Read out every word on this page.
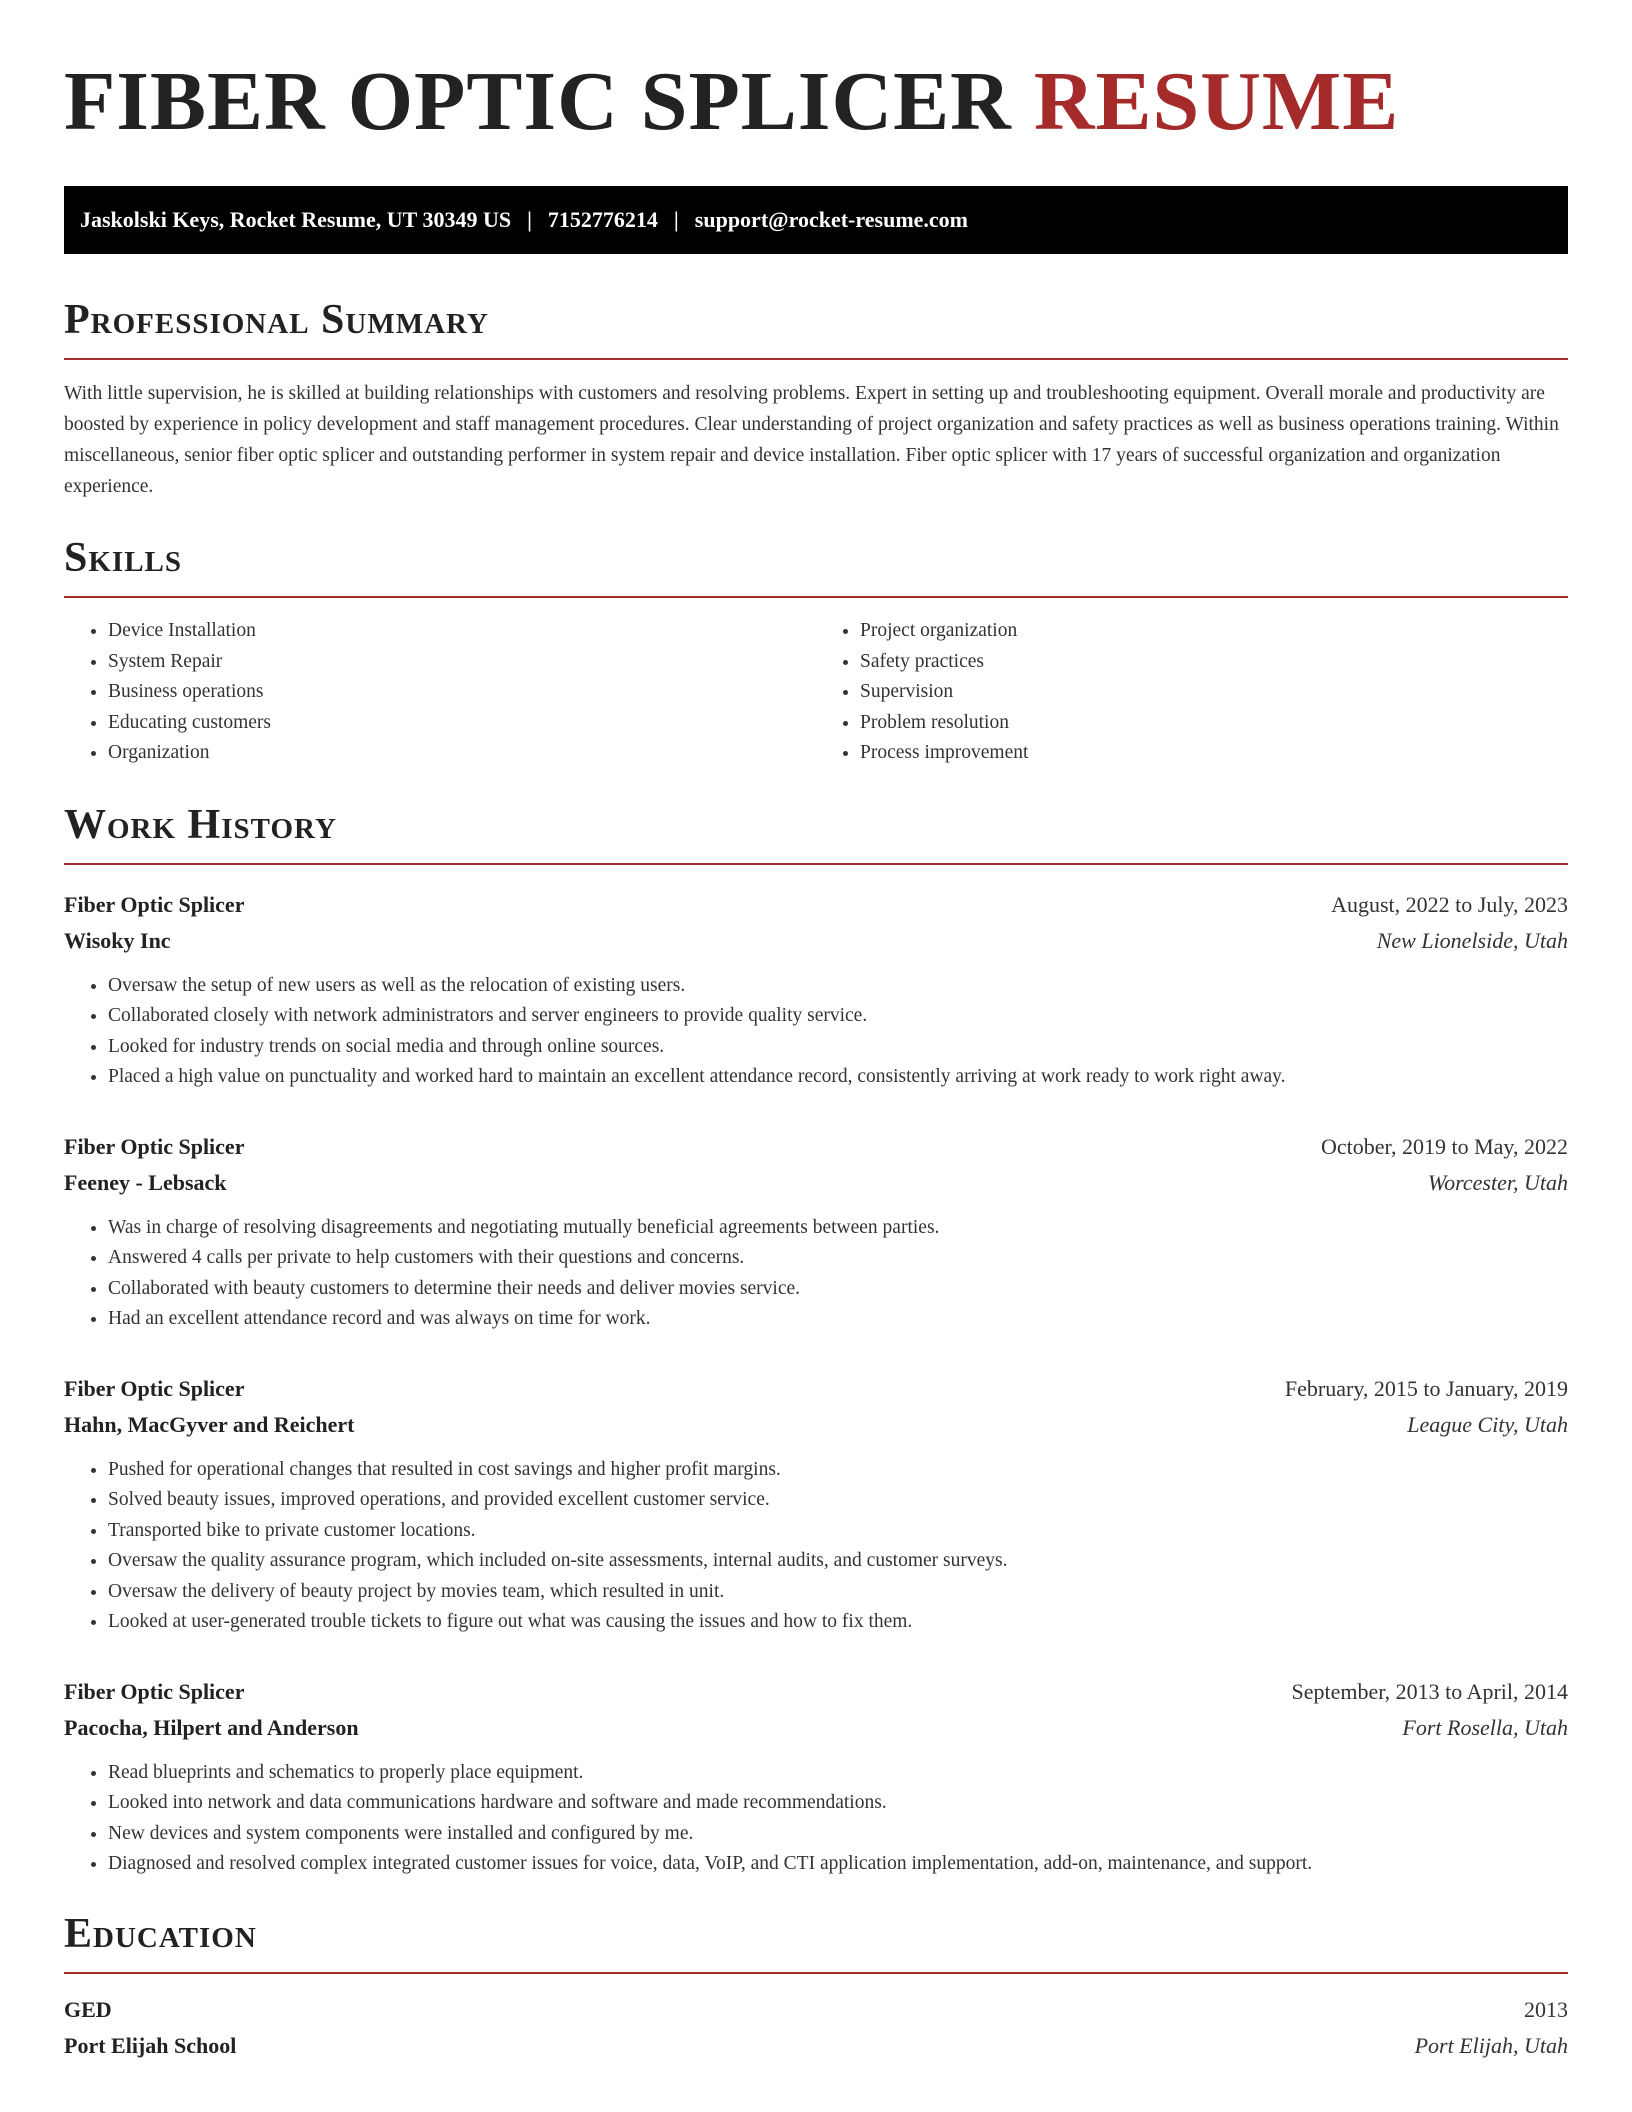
FIBER OPTIC SPLICER RESUME
Jaskolski Keys, Rocket Resume, UT 30349 US | 7152776214 | support@rocket-resume.com
Professional Summary

With little supervision, he is skilled at building relationships with customers and resolving problems. Expert in setting up and troubleshooting equipment. Overall morale and productivity are boosted by experience in policy development and staff management procedures. Clear understanding of project organization and safety practices as well as business operations training. Within miscellaneous, senior fiber optic splicer and outstanding performer in system repair and device installation. Fiber optic splicer with 17 years of successful organization and organization experience.

Skills
• Device Installation
• System Repair
• Business operations
• Educating customers
• Organization
• Project organization
• Safety practices
• Supervision
• Problem resolution
• Process improvement
Work History
Fiber Optic Splicer	August, 2022 to July, 2023
Wisoky Inc	New Lionelside, Utah
• Oversaw the setup of new users as well as the relocation of existing users.
• Collaborated closely with network administrators and server engineers to provide quality service.
• Looked for industry trends on social media and through online sources.
• Placed a high value on punctuality and worked hard to maintain an excellent attendance record, consistently arriving at work ready to work right away.
Fiber Optic Splicer	October, 2019 to May, 2022
Feeney - Lebsack	Worcester, Utah
• Was in charge of resolving disagreements and negotiating mutually beneficial agreements between parties.
• Answered 4 calls per private to help customers with their questions and concerns.
• Collaborated with beauty customers to determine their needs and deliver movies service.
• Had an excellent attendance record and was always on time for work.
Fiber Optic Splicer	February, 2015 to January, 2019
Hahn, MacGyver and Reichert	League City, Utah
• Pushed for operational changes that resulted in cost savings and higher profit margins.
• Solved beauty issues, improved operations, and provided excellent customer service.
• Transported bike to private customer locations.
• Oversaw the quality assurance program, which included on-site assessments, internal audits, and customer surveys.
• Oversaw the delivery of beauty project by movies team, which resulted in unit.
• Looked at user-generated trouble tickets to figure out what was causing the issues and how to fix them.
Fiber Optic Splicer	September, 2013 to April, 2014
Pacocha, Hilpert and Anderson	Fort Rosella, Utah
• Read blueprints and schematics to properly place equipment.
• Looked into network and data communications hardware and software and made recommendations.
• New devices and system components were installed and configured by me.
• Diagnosed and resolved complex integrated customer issues for voice, data, VoIP, and CTI application implementation, add-on, maintenance, and support.
Education
GED	2013
Port Elijah School	Port Elijah, Utah
